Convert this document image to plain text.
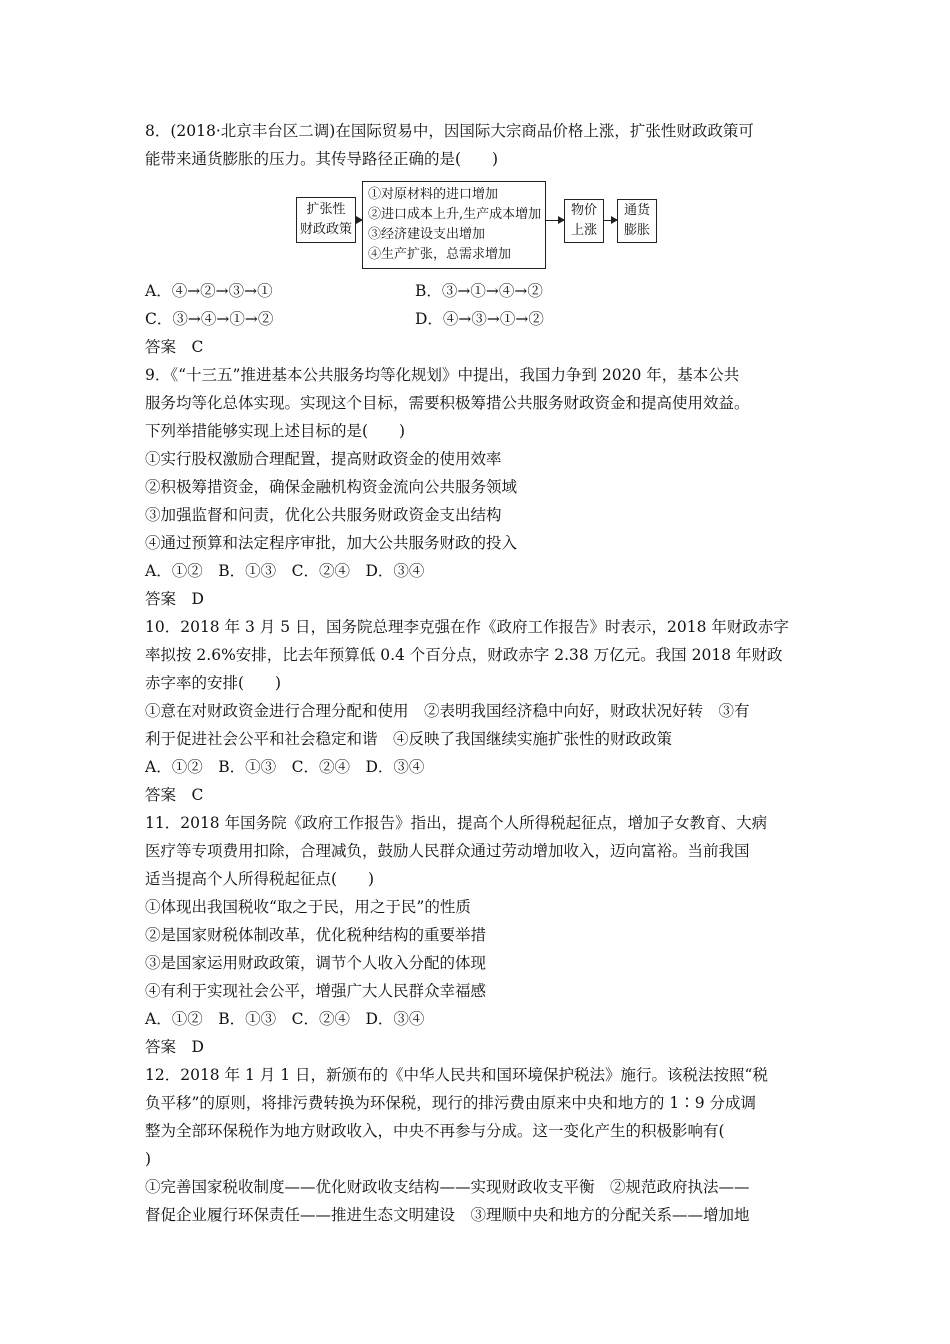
8．(2018·北京丰台区二调)在国际贸易中，因国际大宗商品价格上涨，扩张性财政政策可
能带来通货膨胀的压力。其传导路径正确的是(　　)
扩张性
财政政策
①对原材料的进口增加
②进口成本上升,生产成本增加
③经济建设支出增加
④生产扩张，总需求增加
物价
上涨
通货
膨胀
A．④→②→③→①	B．③→①→④→②
C．③→④→①→②	D．④→③→①→②
答案　C
9．《“十三五”推进基本公共服务均等化规划》中提出，我国力争到 2020 年，基本公共
服务均等化总体实现。实现这个目标，需要积极筹措公共服务财政资金和提高使用效益。
下列举措能够实现上述目标的是(　　)
①实行股权激励合理配置，提高财政资金的使用效率
②积极筹措资金，确保金融机构资金流向公共服务领域
③加强监督和问责，优化公共服务财政资金支出结构
④通过预算和法定程序审批，加大公共服务财政的投入
A．①②　B．①③　C．②④　D．③④
答案　D
10．2018 年 3 月 5 日，国务院总理李克强在作《政府工作报告》时表示，2018 年财政赤字
率拟按 2.6%安排，比去年预算低 0.4 个百分点，财政赤字 2.38 万亿元。我国 2018 年财政
赤字率的安排(　　)
①意在对财政资金进行合理分配和使用　②表明我国经济稳中向好，财政状况好转　③有
利于促进社会公平和社会稳定和谐　④反映了我国继续实施扩张性的财政政策
A．①②　B．①③　C．②④　D．③④
答案　C
11．2018 年国务院《政府工作报告》指出，提高个人所得税起征点，增加子女教育、大病
医疗等专项费用扣除，合理减负，鼓励人民群众通过劳动增加收入，迈向富裕。当前我国
适当提高个人所得税起征点(　　)
①体现出我国税收“取之于民，用之于民”的性质
②是国家财税体制改革，优化税种结构的重要举措
③是国家运用财政政策，调节个人收入分配的体现
④有利于实现社会公平，增强广大人民群众幸福感
A．①②　B．①③　C．②④　D．③④
答案　D
12．2018 年 1 月 1 日，新颁布的《中华人民共和国环境保护税法》施行。该税法按照“税
负平移”的原则，将排污费转换为环保税，现行的排污费由原来中央和地方的 1∶9 分成调
整为全部环保税作为地方财政收入，中央不再参与分成。这一变化产生的积极影响有(
)
①完善国家税收制度——优化财政收支结构——实现财政收支平衡　②规范政府执法——
督促企业履行环保责任——推进生态文明建设　③理顺中央和地方的分配关系——增加地
